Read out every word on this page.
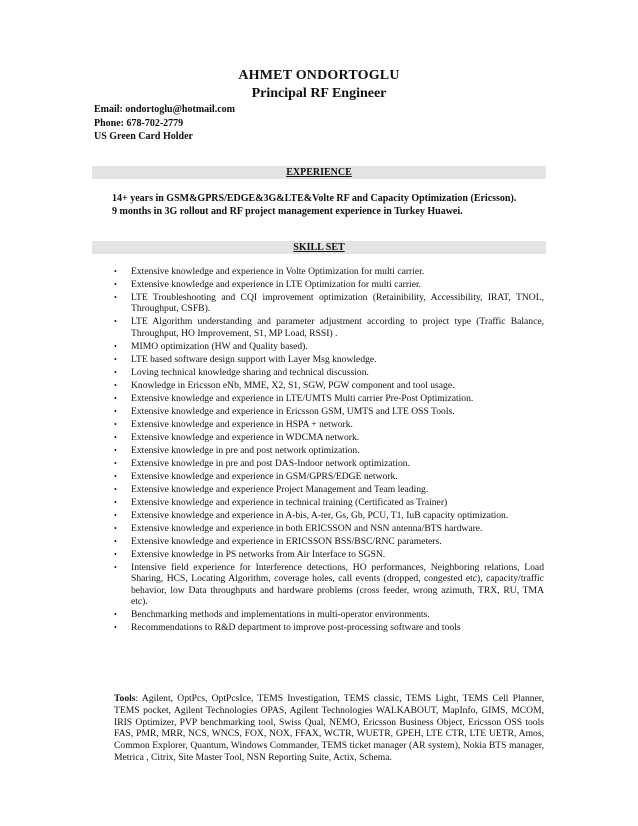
AHMET ONDORTOGLU
Principal RF Engineer
Email: ondortoglu@hotmail.com
Phone: 678-702-2779
US Green Card Holder
EXPERIENCE
14+ years in GSM&GPRS/EDGE&3G&LTE&Volte RF and Capacity Optimization (Ericsson).
9 months in 3G rollout and RF project management experience in Turkey Huawei.
SKILL SET
• Extensive knowledge and experience in Volte Optimization for multi carrier.
• Extensive knowledge and experience in LTE Optimization for multi carrier.
• LTE Troubleshooting and CQI improvement optimization (Retainibility, Accessibility, IRAT, TNOL, Throughput, CSFB).
• LTE Algorithm understanding and parameter adjustment according to project type (Traffic Balance, Throughput, HO Improvement, S1, MP Load, RSSI) .
• MIMO optimization (HW and Quality based).
• LTE based software design support with Layer Msg knowledge.
• Loving technical knowledge sharing and technical discussion.
• Knowledge in Ericsson eNb, MME, X2, S1, SGW, PGW component and tool usage.
• Extensive knowledge and experience in LTE/UMTS Multi carrier Pre-Post Optimization.
• Extensive knowledge and experience in Ericsson GSM, UMTS and LTE OSS Tools.
• Extensive knowledge and experience in HSPA + network.
• Extensive knowledge and experience in WDCMA network.
• Extensive knowledge in pre and post network optimization.
• Extensive knowledge in pre and post DAS-Indoor network optimization.
• Extensive knowledge and experience in GSM/GPRS/EDGE network.
• Extensive knowledge and experience Project Management and Team leading.
• Extensive knowledge and experience in technical training (Certificated as Trainer)
• Extensive knowledge and experience in A-bis, A-ter, Gs, Gb, PCU, T1, IuB capacity optimization.
• Extensive knowledge and experience in both ERICSSON and NSN antenna/BTS hardware.
• Extensive knowledge and experience in ERICSSON BSS/BSC/RNC parameters.
• Extensive knowledge in PS networks from Air Interface to SGSN.
• Intensive field experience for Interference detections, HO performances, Neighboring relations, Load Sharing, HCS, Locating Algorithm, coverage holes, call events (dropped, congested etc), capacity/traffic behavior, low Data throughputs and hardware problems (cross feeder, wrong azimuth, TRX, RU, TMA etc).
• Benchmarking methods and implementations in multi-operator environments.
• Recommendations to R&D department to improve post-processing software and tools
Tools: Agilent, OptPcs, OptPcsIce, TEMS Investigation, TEMS classic, TEMS Light, TEMS Cell Planner, TEMS pocket, Agilent Technologies OPAS, Agilent Technologies WALKABOUT, MapInfo, GIMS, MCOM, IRIS Optimizer, PVP benchmarking tool, Swiss Qual, NEMO, Ericsson Business Object, Ericsson OSS tools FAS, PMR, MRR, NCS, WNCS, FOX, NOX, FFAX, WCTR, WUETR, GPEH, LTE CTR, LTE UETR, Amos, Common Explorer, Quantum, Windows Commander, TEMS ticket manager (AR system), Nokia BTS manager, Metrica , Citrix, Site Master Tool, NSN Reporting Suite, Actix, Schema.
